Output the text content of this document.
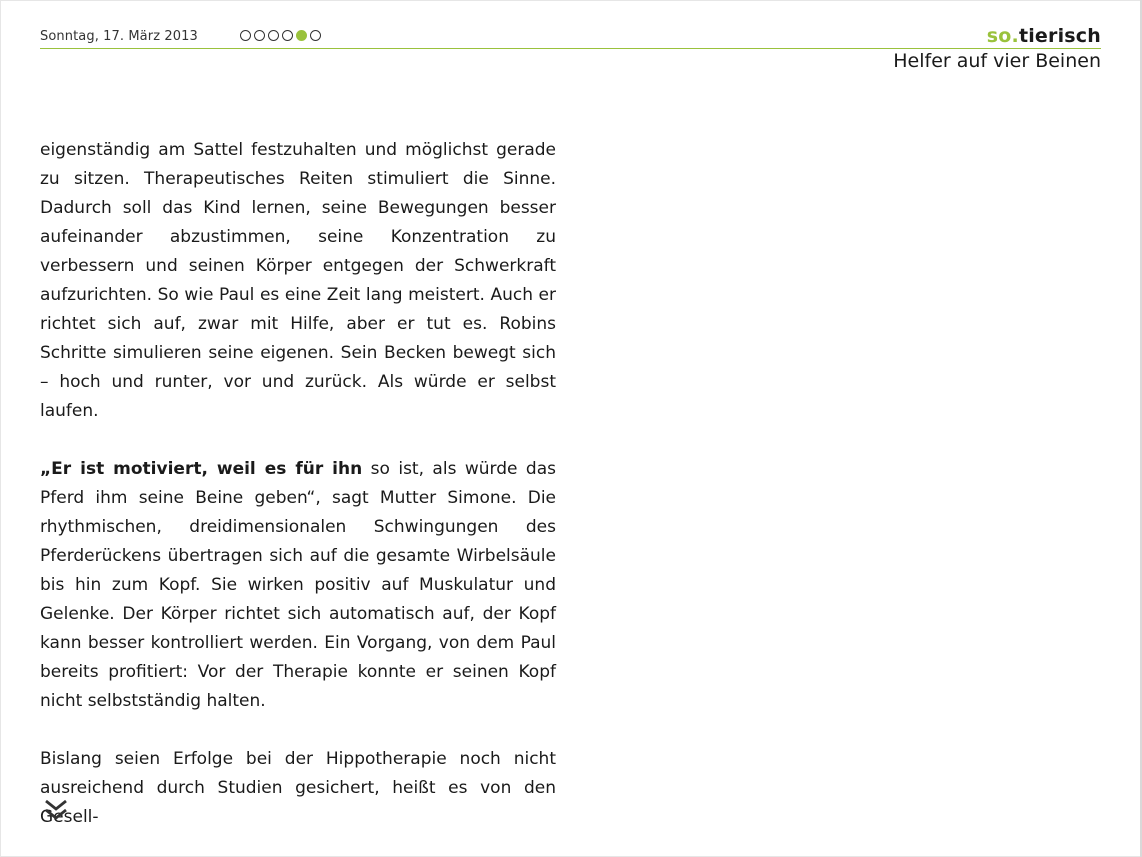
Sonntag, 17. März 2013	so.tierisch
Helfer auf vier Beinen

eigenständig am Sattel festzuhalten und möglichst gerade zu sitzen. Therapeutisches Reiten stimuliert die Sinne. Dadurch soll das Kind lernen, seine Bewegungen besser aufeinander abzustimmen, seine Konzentration zu verbessern und seinen Körper entgegen der Schwerkraft aufzurichten. So wie Paul es eine Zeit lang meistert. Auch er richtet sich auf, zwar mit Hilfe, aber er tut es. Robins Schritte simulieren seine eigenen. Sein Becken bewegt sich – hoch und runter, vor und zurück. Als würde er selbst laufen.

„Er ist motiviert, weil es für ihn so ist, als würde das Pferd ihm seine Beine geben“, sagt Mutter Simone. Die rhythmischen, dreidimensionalen Schwingungen des Pferderückens übertragen sich auf die gesamte Wirbelsäule bis hin zum Kopf. Sie wirken positiv auf Muskulatur und Gelenke. Der Körper richtet sich automatisch auf, der Kopf kann besser kontrolliert werden. Ein Vorgang, von dem Paul bereits profitiert: Vor der Therapie konnte er seinen Kopf nicht selbstständig halten.

Bislang seien Erfolge bei der Hippotherapie noch nicht ausreichend durch Studien gesichert, heißt es von den Gesell-
